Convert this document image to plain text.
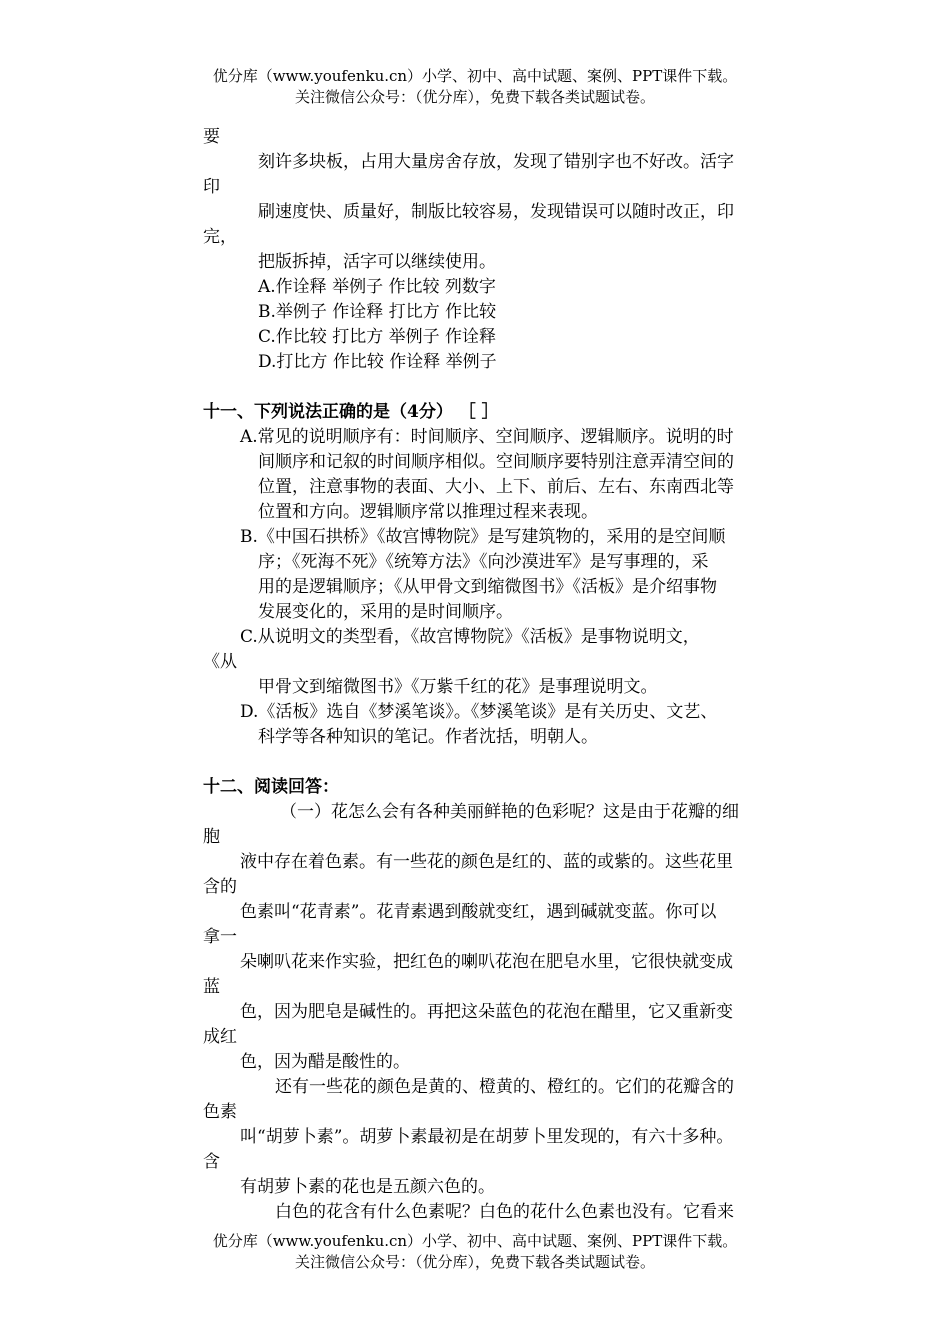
优分库（www.youfenku.cn）小学、初中、高中试题、案例、PPT课件下载。
关注微信公众号：（优分库），免费下载各类试题试卷。
要
刻许多块板，占用大量房舍存放，发现了错别字也不好改。活字
印
刷速度快、质量好，制版比较容易，发现错误可以随时改正，印
完，
把版拆掉，活字可以继续使用。
A.作诠释 举例子 作比较 列数字
B.举例子 作诠释 打比方 作比较
C.作比较 打比方 举例子 作诠释
D.打比方 作比较 作诠释 举例子
十一、下列说法正确的是（4分） ［ ］
A.常见的说明顺序有：时间顺序、空间顺序、逻辑顺序。说明的时
间顺序和记叙的时间顺序相似。空间顺序要特别注意弄清空间的
位置，注意事物的表面、大小、上下、前后、左右、东南西北等
位置和方向。逻辑顺序常以推理过程来表现。
B.《中国石拱桥》《故宫博物院》是写建筑物的，采用的是空间顺
序；《死海不死》《统筹方法》《向沙漠进军》是写事理的，采
用的是逻辑顺序；《从甲骨文到缩微图书》《活板》是介绍事物
发展变化的，采用的是时间顺序。
C.从说明文的类型看，《故宫博物院》《活板》是事物说明文，
《从
甲骨文到缩微图书》《万紫千红的花》是事理说明文。
D.《活板》选自《梦溪笔谈》。《梦溪笔谈》是有关历史、文艺、
科学等各种知识的笔记。作者沈括，明朝人。
十二、阅读回答：
（一）花怎么会有各种美丽鲜艳的色彩呢？这是由于花瓣的细
胞
液中存在着色素。有一些花的颜色是红的、蓝的或紫的。这些花里
含的
色素叫“花青素”。花青素遇到酸就变红，遇到碱就变蓝。你可以
拿一
朵喇叭花来作实验，把红色的喇叭花泡在肥皂水里，它很快就变成
蓝
色，因为肥皂是碱性的。再把这朵蓝色的花泡在醋里，它又重新变
成红
色，因为醋是酸性的。
还有一些花的颜色是黄的、橙黄的、橙红的。它们的花瓣含的
色素
叫“胡萝卜素”。胡萝卜素最初是在胡萝卜里发现的，有六十多种。
含
有胡萝卜素的花也是五颜六色的。
白色的花含有什么色素呢？白色的花什么色素也没有。它看来
优分库（www.youfenku.cn）小学、初中、高中试题、案例、PPT课件下载。
关注微信公众号：（优分库），免费下载各类试题试卷。
